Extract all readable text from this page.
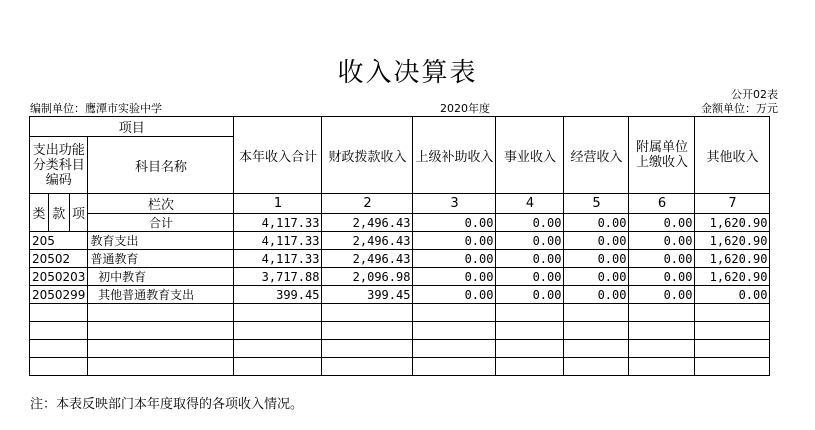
收入决算表
公开02表
编制单位：鹰潭市实验中学	2020年度	金额单位：万元
项目				本年收入合计	财政拨款收入	上级补助收入	事业收入	经营收入	附属单位上缴收入	其他收入
支出功能分类科目编码			科目名称							
类	款	项	栏次	1	2	3	4	5	6	7
			合计	4,117.33	2,496.43	0.00	0.00	0.00	0.00	1,620.90
205			教育支出	4,117.33	2,496.43	0.00	0.00	0.00	0.00	1,620.90
20502			普通教育	4,117.33	2,496.43	0.00	0.00	0.00	0.00	1,620.90
2050203			初中教育	3,717.88	2,096.98	0.00	0.00	0.00	0.00	1,620.90
2050299			其他普通教育支出	399.45	399.45	0.00	0.00	0.00	0.00	0.00

注：本表反映部门本年度取得的各项收入情况。
